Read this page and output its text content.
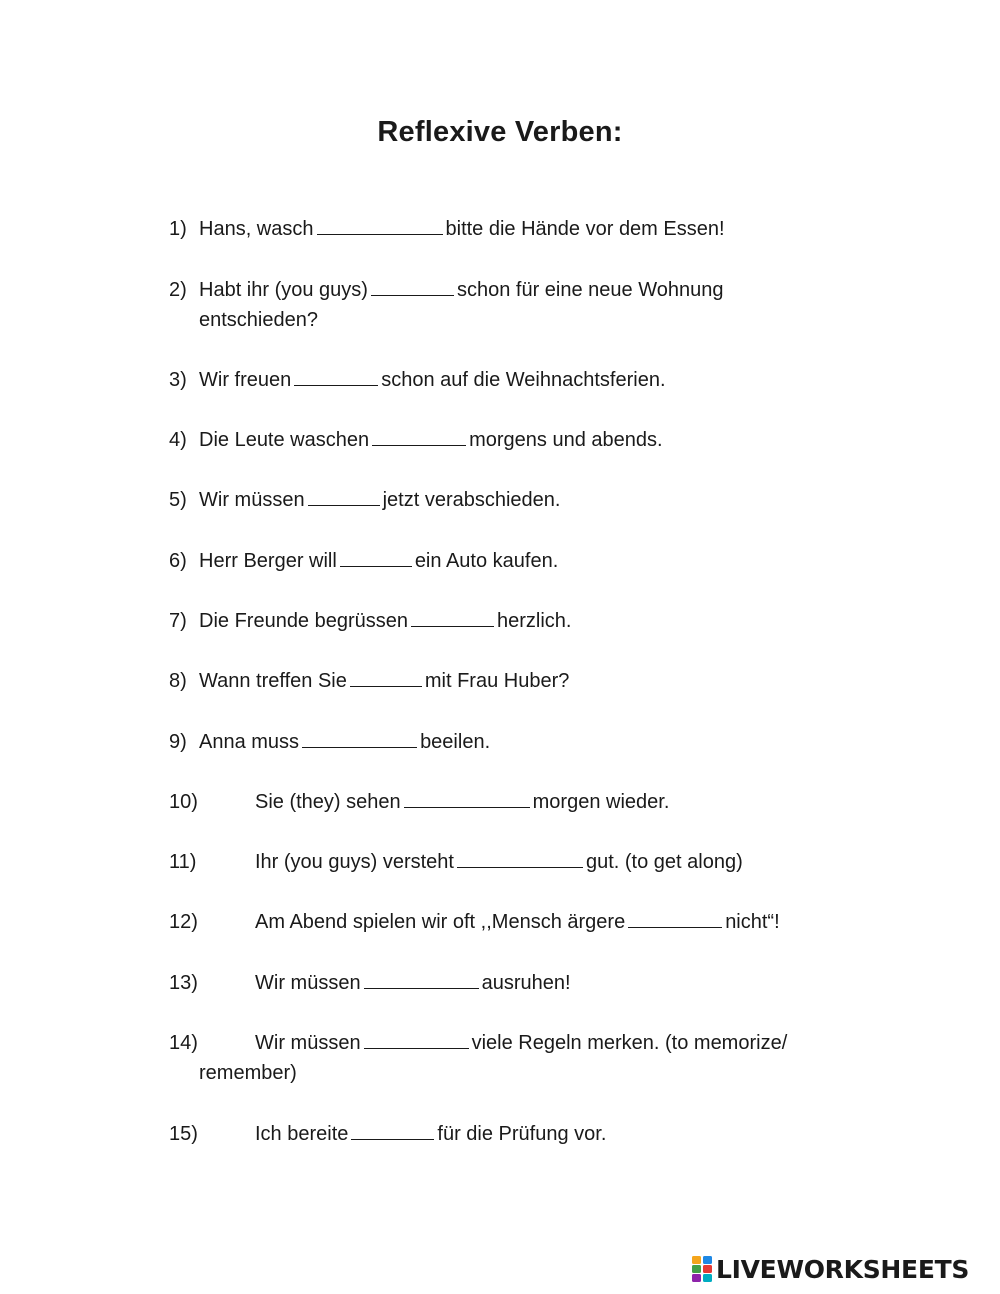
Reflexive Verben:
1) Hans, wasch	bitte die Hände vor dem Essen!
2) Habt ihr (you guys)	schon für eine neue Wohnung
entschieden?
3) Wir freuen	schon auf die Weihnachtsferien.
4) Die Leute waschen	morgens und abends.
5) Wir müssen	jetzt verabschieden.
6) Herr Berger will	ein Auto kaufen.
7) Die Freunde begrüssen	herzlich.
8) Wann treffen Sie	mit Frau Huber?
9) Anna muss	beeilen.
10)	Sie (they) sehen	morgen wieder.
11)	Ihr (you guys) versteht	gut. (to get along)
12)	Am Abend spielen wir oft ,,Mensch ärgere	nicht“!
13)	Wir müssen	ausruhen!
14)	Wir müssen	viele Regeln merken. (to memorize/
remember)
15)	Ich bereite	für die Prüfung vor.
LIVEWORKSHEETS
